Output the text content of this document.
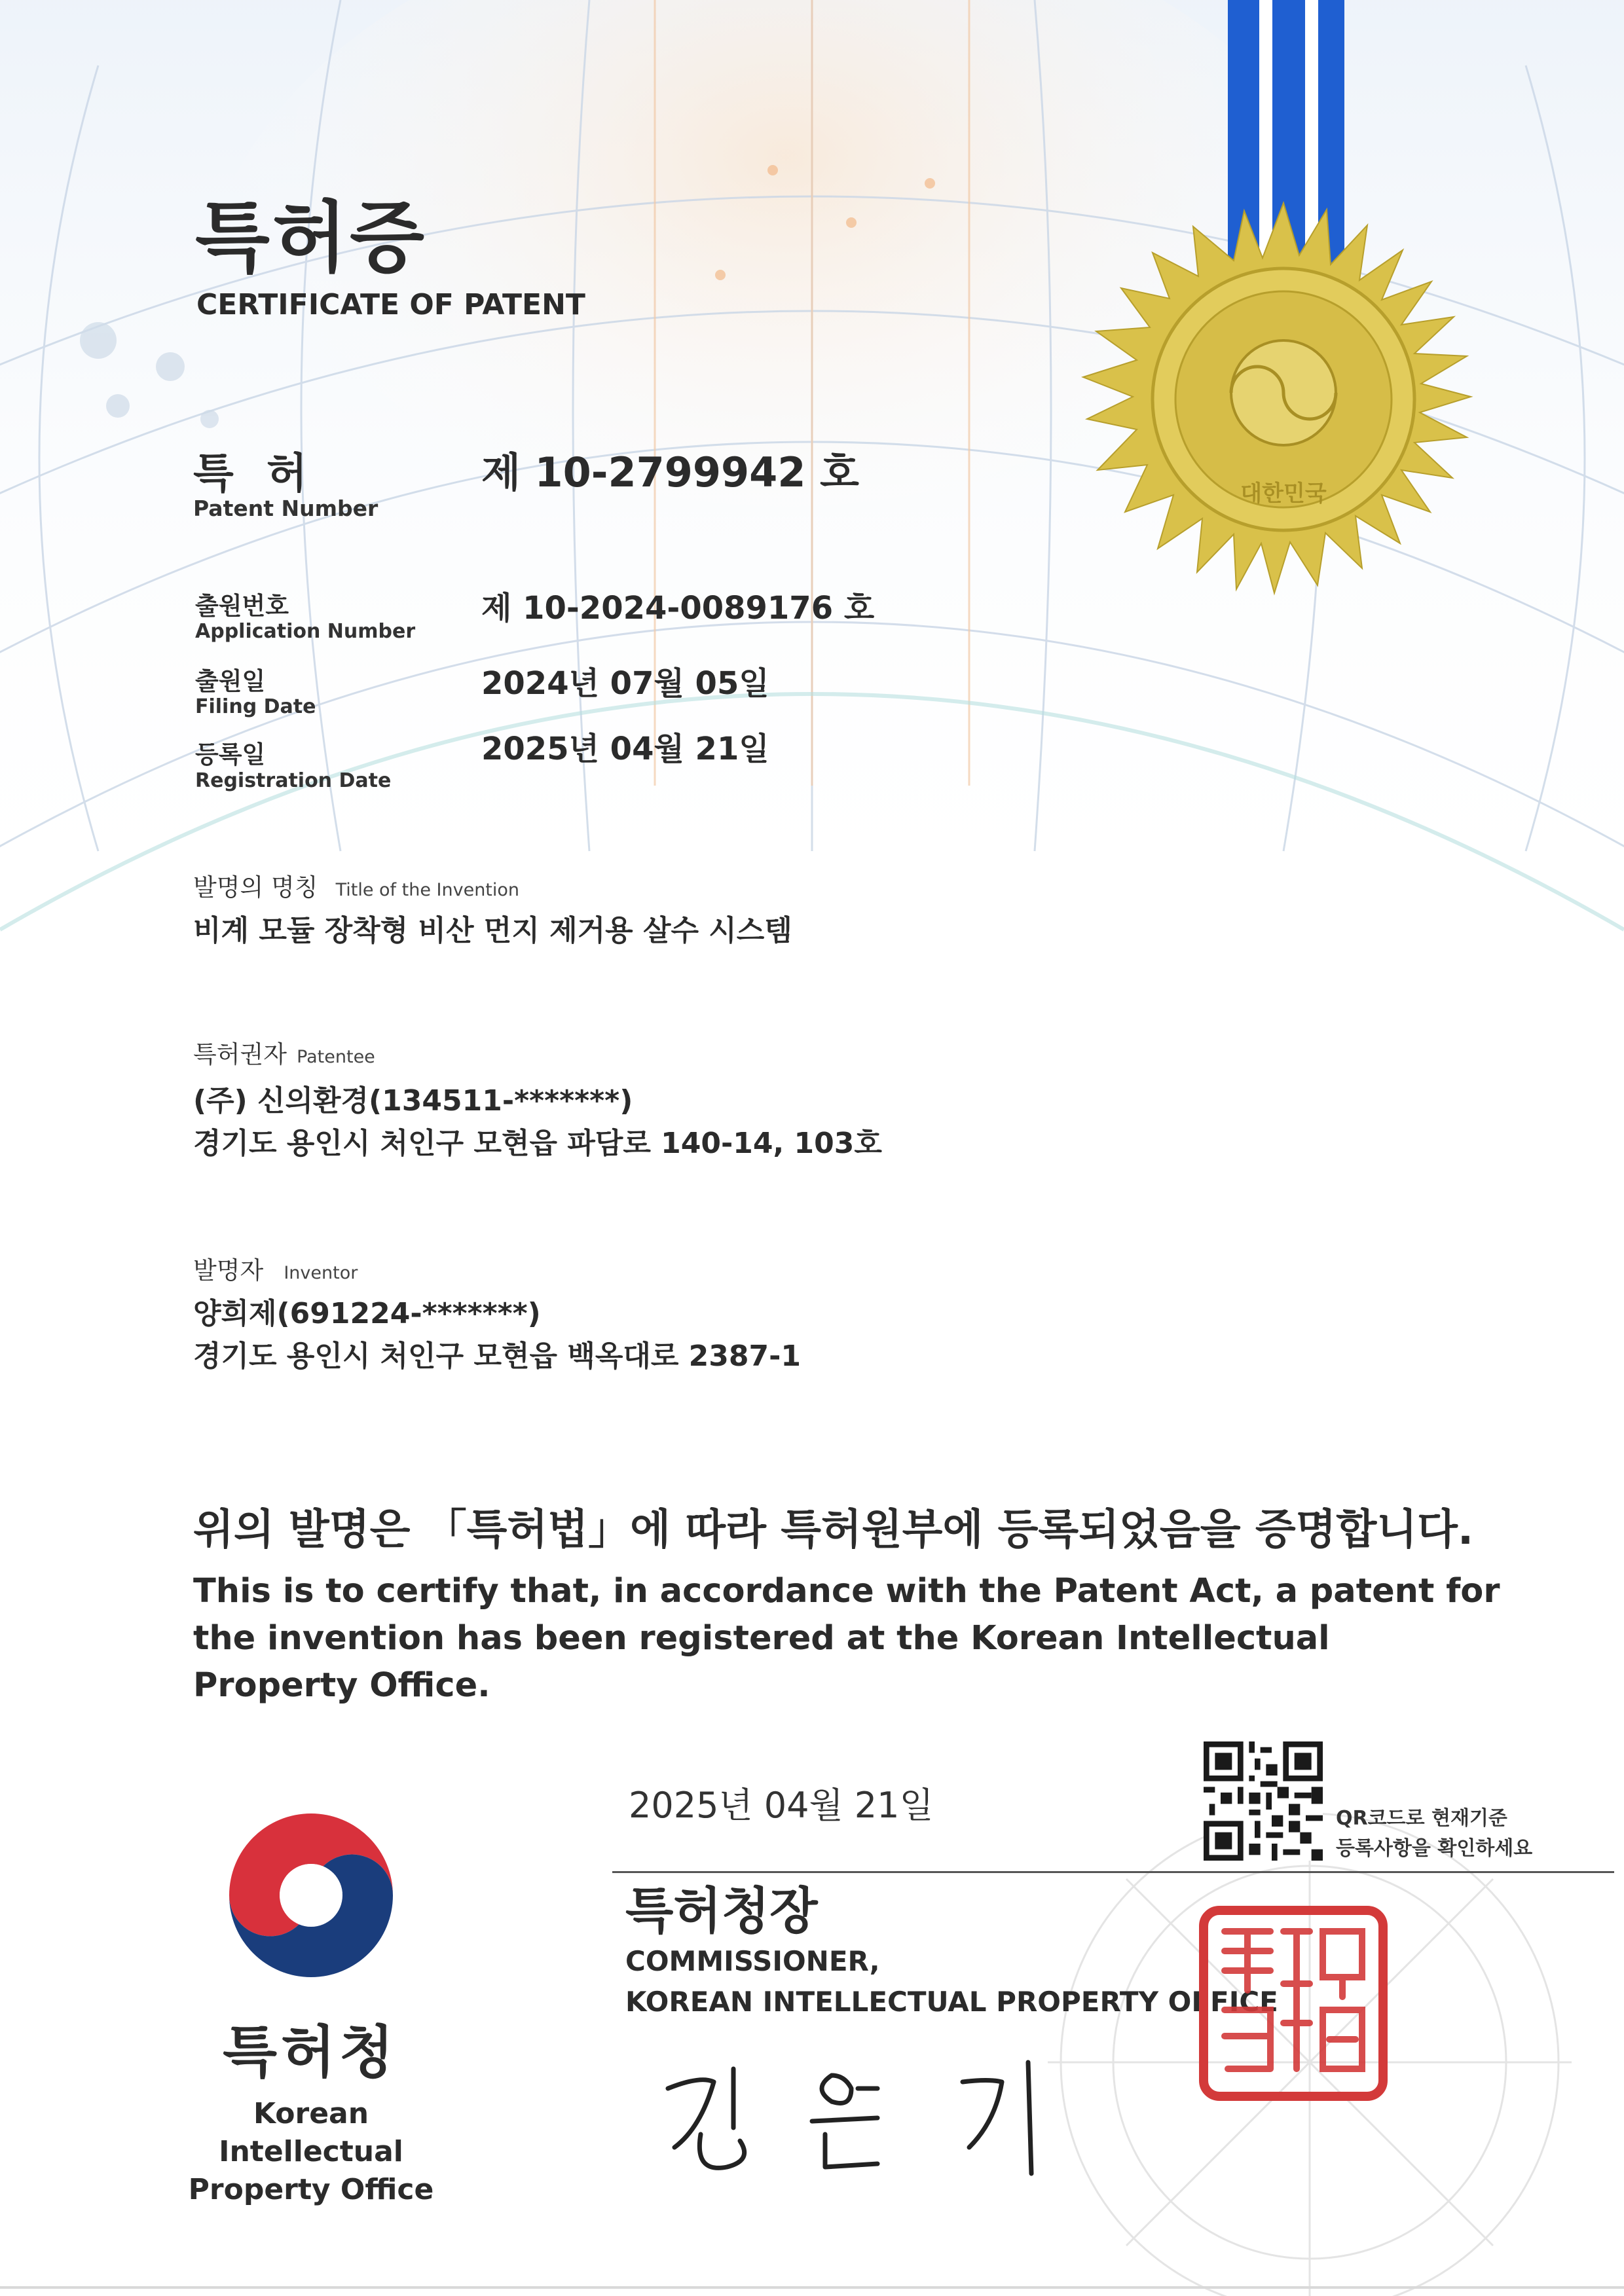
대한민국
특허증
CERTIFICATE OF PATENT
특 허
Patent Number
제 10-2799942 호
출원번호
Application Number
제 10-2024-0089176 호
출원일
Filing Date
2024년 07월 05일
등록일
Registration Date
2025년 04월 21일
발명의 명칭 Title of the Invention
비계 모듈 장착형 비산 먼지 제거용 살수 시스템
특허권자 Patentee
(주) 신의환경(134511-*******)
경기도 용인시 처인구 모현읍 파담로 140-14, 103호
발명자 Inventor
양희제(691224-*******)
경기도 용인시 처인구 모현읍 백옥대로 2387-1
위의 발명은 「특허법」에 따라 특허원부에 등록되었음을 증명합니다.
This is to certify that, in accordance with the Patent Act, a patent for the invention has been registered at the Korean Intellectual Property Office.
2025년 04월 21일	QR코드로 현재기준
등록사항을 확인하세요
특허청장
COMMISSIONER,
KOREAN INTELLECTUAL PROPERTY OFFICE
특허청
Korean Intellectual
Property Office
